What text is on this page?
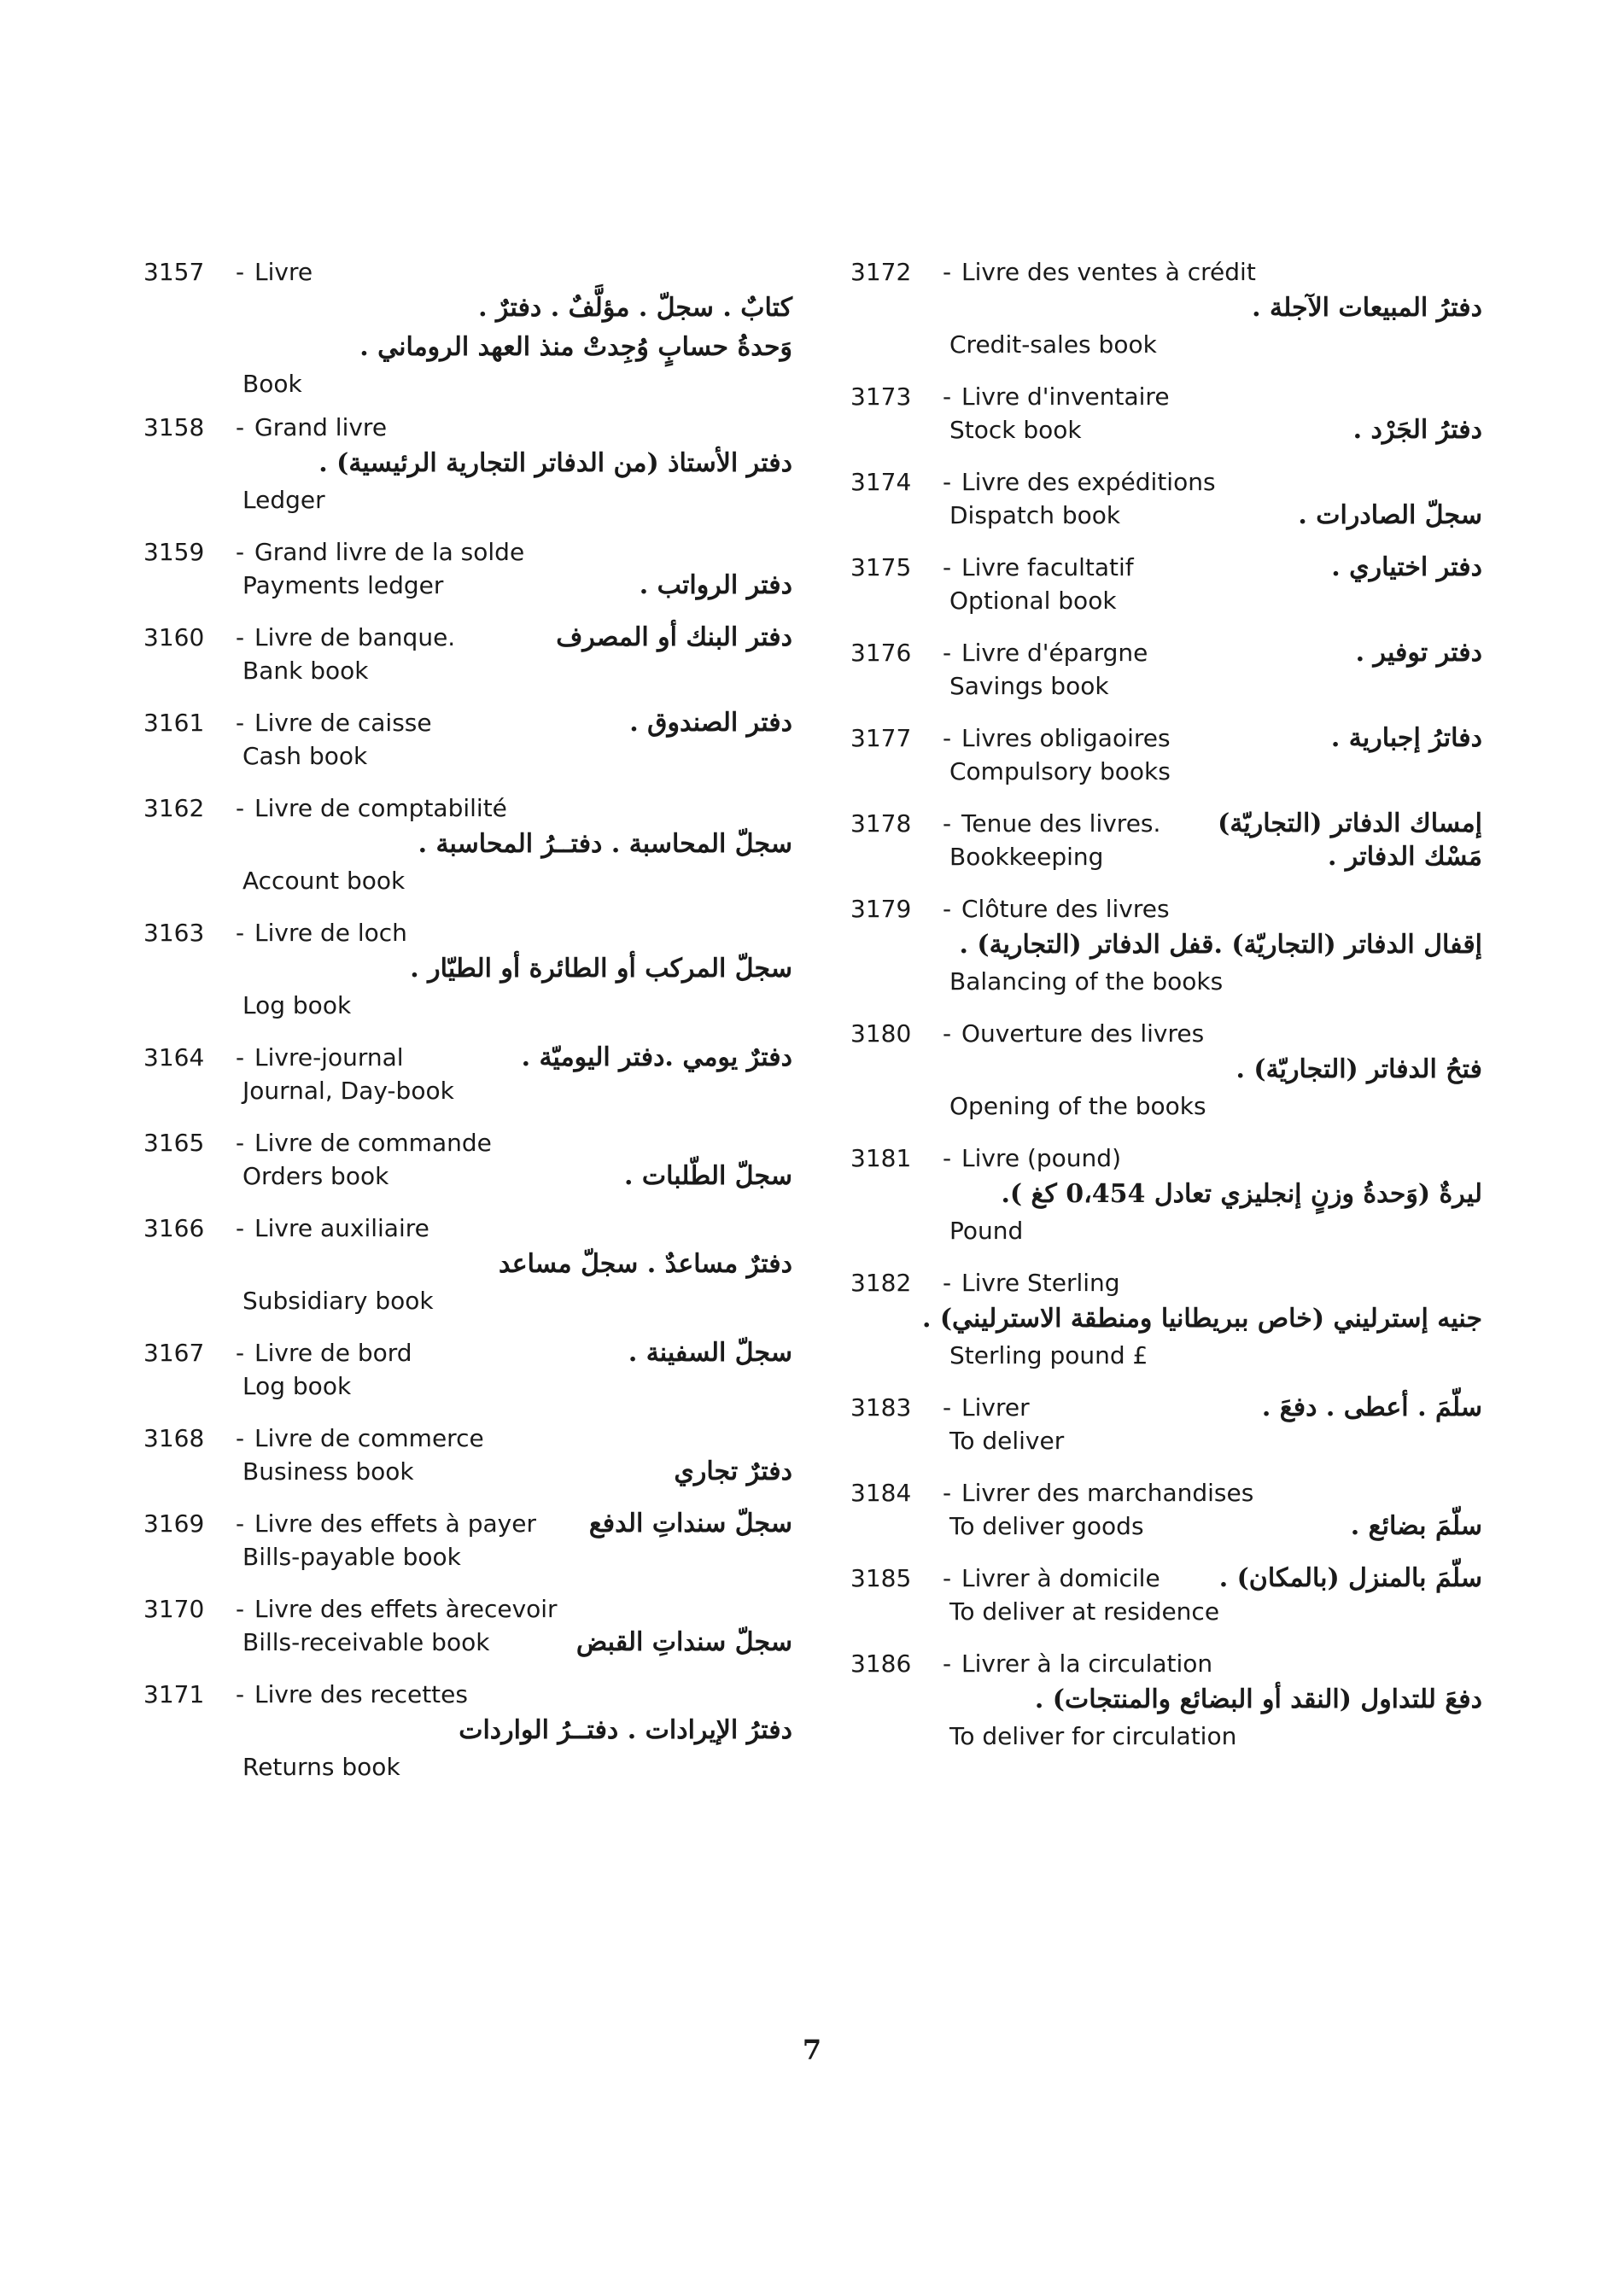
3157	- Livre
كتابٌ . سجلّ . مؤلَّفٌ . دفترٌ .
وَحدةُ حسابٍ وُجِدتْ منذ العهد الروماني .
Book
3158	- Grand livre
دفتر الأستاذ (من الدفاتر التجارية الرئيسية) .
Ledger
3159	- Grand livre de la solde
Payments ledger	دفتر الرواتب .
3160	- Livre de banque.	دفتر البنك أو المصرف
Bank book
3161	- Livre de caisse	دفتر الصندوق .
Cash book
3162	- Livre de comptabilité
سجلّ المحاسبة . دفتــرُ المحاسبة .
Account book
3163	- Livre de loch
سجلّ المركب أو الطائرة أو الطيّار .
Log book
3164	- Livre-journal	دفترٌ يومي .دفتر اليوميّة .
Journal, Day-book
3165	- Livre de commande
Orders book	سجلّ الطّلبات .
3166	- Livre auxiliaire
دفترٌ مساعدٌ . سجلّ مساعد
Subsidiary book
3167	- Livre de bord	سجلّ السفينة .
Log book
3168	- Livre de commerce
Business book	دفترٌ تجاري
3169	- Livre des effets à payer سجلّ سنداتِ الدفع
Bills-payable book
3170	- Livre des effets àrecevoir
Bills-receivable book	سجلّ سنداتِ القبض
3171	- Livre des recettes
دفترُ الإيرادات . دفتــرُ الواردات
Returns book
3172	- Livre des ventes à crédit
دفترُ المبيعات الآجلة .
Credit-sales book
3173	- Livre d'inventaire
Stock book	دفترُ الجَرْد .
3174	- Livre des expéditions
Dispatch book	سجلّ الصادرات .
3175	- Livre facultatif	دفتر اختياري .
Optional book
3176	- Livre d'épargne	دفتر توفير .
Savings book
3177	- Livres obligaoires	دفاترُ إجبارية .
Compulsory books
3178	- Tenue des livres. إمساك الدفاتر (التجاريّة)
Bookkeeping	مَسْك الدفاتر .
3179	- Clôture des livres
إقفال الدفاتر (التجاريّة) .قفل الدفاتر (التجارية) .
Balancing of the books
3180	- Ouverture des livres
فتحُ الدفاتر (التجاريّة) .
Opening of the books
3181	- Livre (pound)
ليرةٌ (وَحدةُ وزنٍ إنجليزي تعادل 0،454 كغ ).
Pound
3182	- Livre Sterling
جنيه إسترليني (خاص ببريطانيا ومنطقة الاسترليني) .
Sterling pound £
3183	- Livrer	سلّمَ . أعطى . دفعَ .
To deliver
3184	- Livrer des marchandises
To deliver goods	سلّمَ بضائع .
3185	- Livrer à domicile سلّمَ بالمنزل (بالمكان) .
To deliver at residence
3186	- Livrer à la circulation
دفعَ للتداول (النقد أو البضائع والمنتجات) .
To deliver for circulation
7
